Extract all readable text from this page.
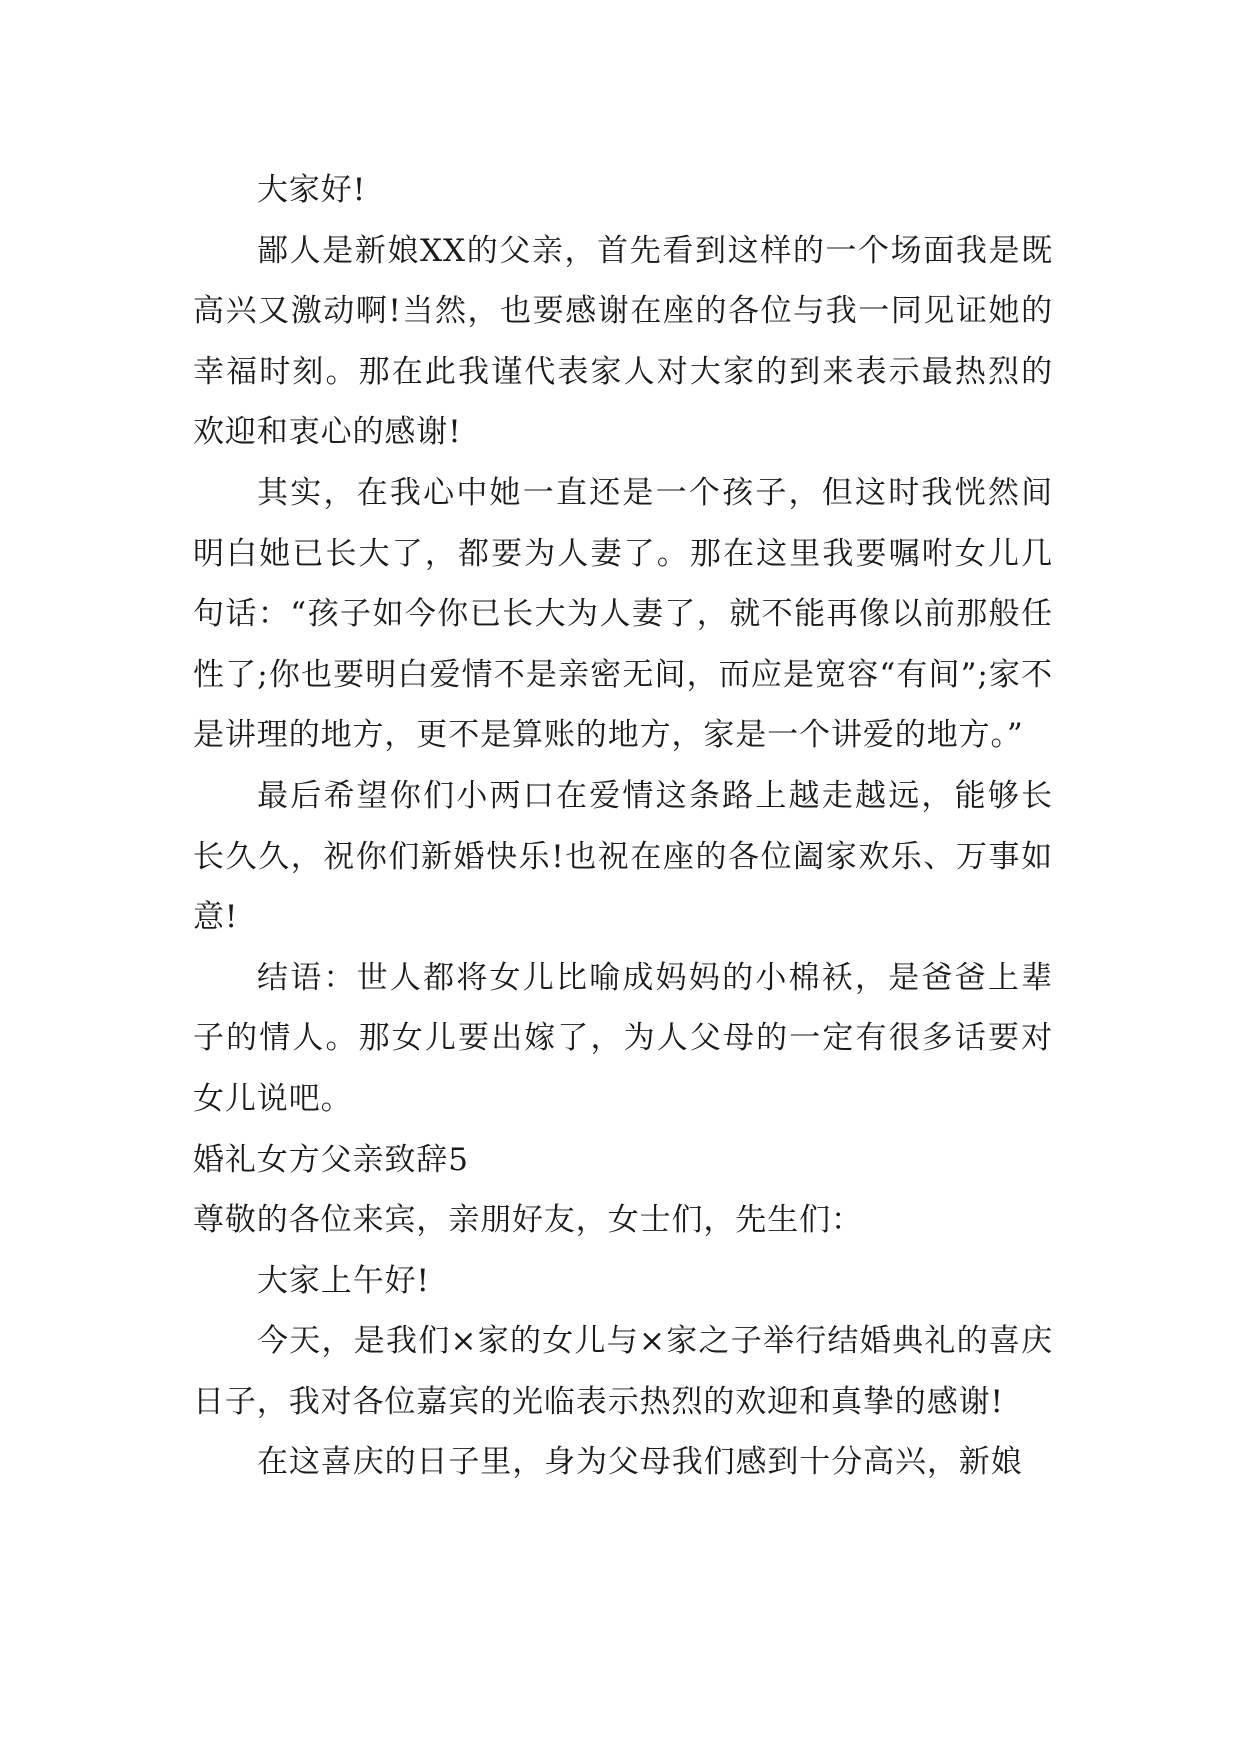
大家好!

鄙人是新娘XX的父亲，首先看到这样的一个场面我是既高兴又激动啊!当然，也要感谢在座的各位与我一同见证她的幸福时刻。那在此我谨代表家人对大家的到来表示最热烈的欢迎和衷心的感谢!

其实，在我心中她一直还是一个孩子，但这时我恍然间明白她已长大了，都要为人妻了。那在这里我要嘱咐女儿几句话：“孩子如今你已长大为人妻了，就不能再像以前那般任性了;你也要明白爱情不是亲密无间，而应是宽容“有间”;家不是讲理的地方，更不是算账的地方，家是一个讲爱的地方。”

最后希望你们小两口在爱情这条路上越走越远，能够长长久久，祝你们新婚快乐!也祝在座的各位阖家欢乐、万事如意!

结语：世人都将女儿比喻成妈妈的小棉袄，是爸爸上辈子的情人。那女儿要出嫁了，为人父母的一定有很多话要对女儿说吧。

婚礼女方父亲致辞5

尊敬的各位来宾，亲朋好友，女士们，先生们：

大家上午好!

今天，是我们×家的女儿与×家之子举行结婚典礼的喜庆日子，我对各位嘉宾的光临表示热烈的欢迎和真挚的感谢!

在这喜庆的日子里，身为父母我们感到十分高兴，新娘
